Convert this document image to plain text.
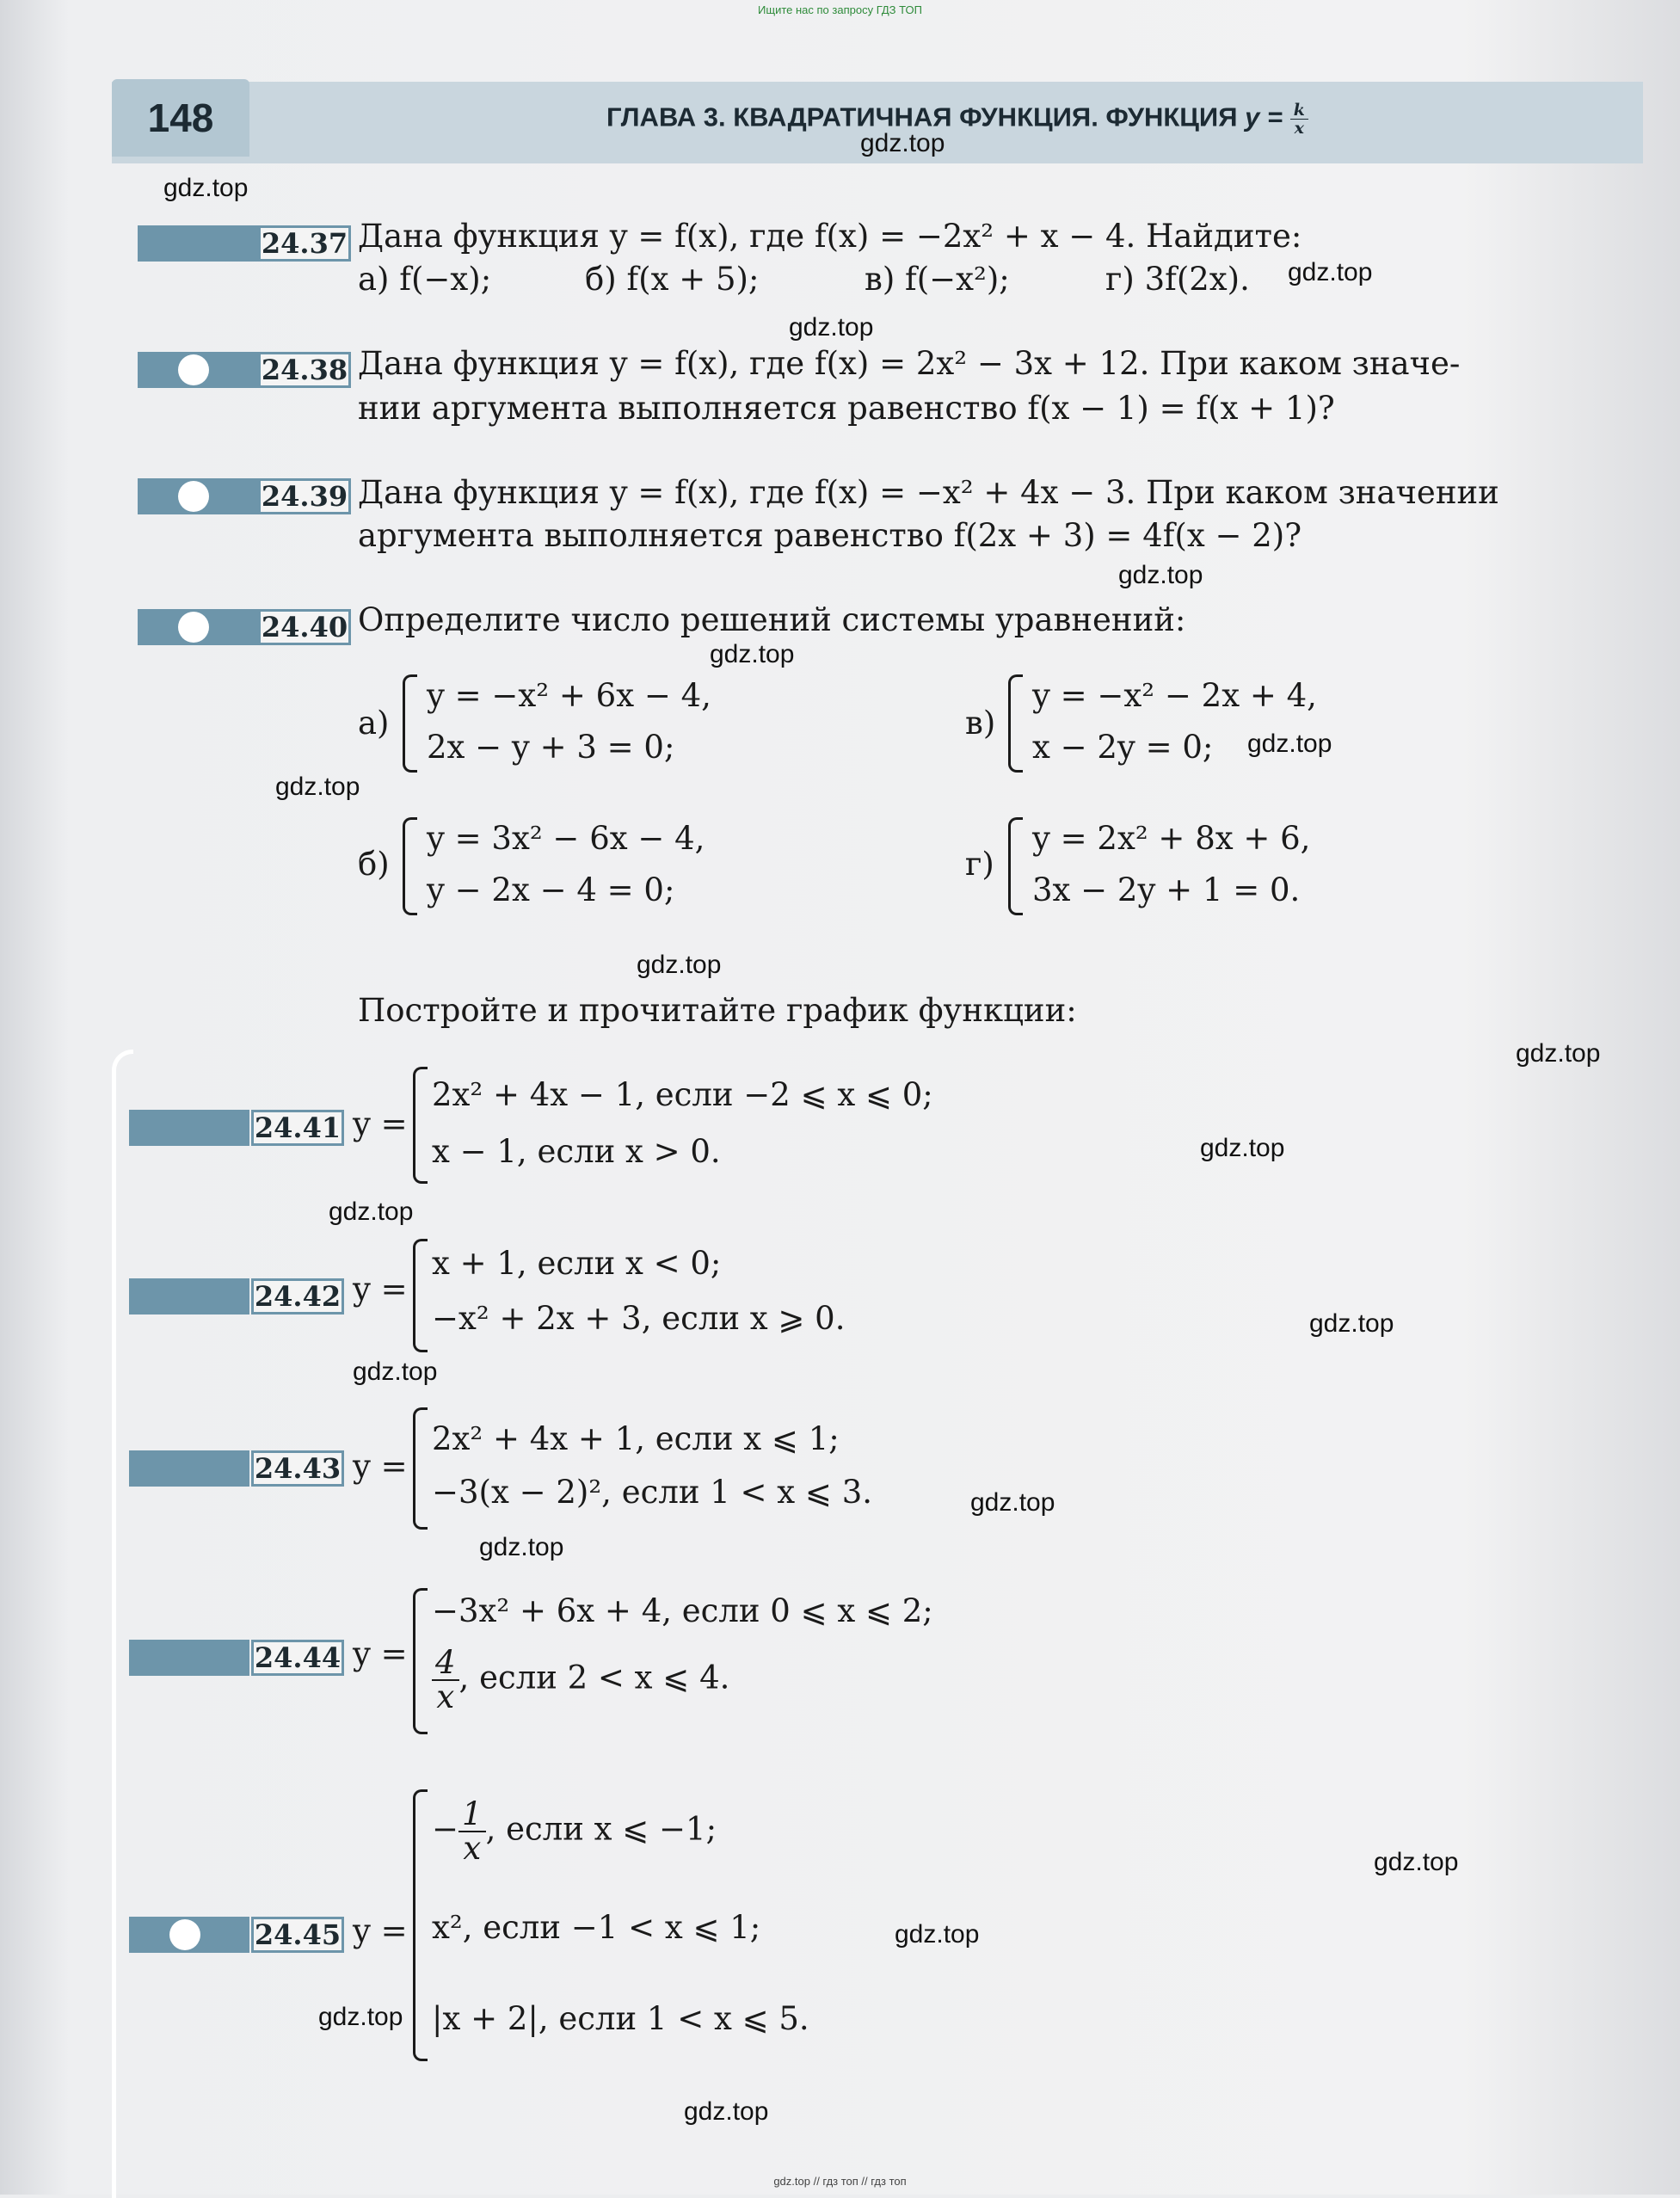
Ищите нас по запросу ГДЗ ТОП
148	ГЛАВА 3. КВАДРАТИЧНАЯ ФУНКЦИЯ. ФУНКЦИЯ $y = \frac{k}{x}$
gdz.top
gdz.top
gdz.top
gdz.top
gdz.top
gdz.top
gdz.top
gdz.top
gdz.top
gdz.top
gdz.top
gdz.top
gdz.top
gdz.top
gdz.top
gdz.top
gdz.top
gdz.top
gdz.top
gdz.top
24.37 Дана функция y = f(x), где f(x) = −2x² + x − 4. Найдите:
а) f(−x);	б) f(x + 5);	в) f(−x²);	г) 3f(2x).
24.38 Дана функция y = f(x), где f(x) = 2x² − 3x + 12. При каком значе-
нии аргумента выполняется равенство f(x − 1) = f(x + 1)?
24.39 Дана функция y = f(x), где f(x) = −x² + 4x − 3. При каком значении
аргумента выполняется равенство f(2x + 3) = 4f(x − 2)?
24.40 Определите число решений системы уравнений:
а)
y = −x² + 6x − 4,
2x − y + 3 = 0;
в)
y = −x² − 2x + 4,
x − 2y = 0;
б)
y = 3x² − 6x − 4,
y − 2x − 4 = 0;
г)
y = 2x² + 8x + 6,
3x − 2y + 1 = 0.
Постройте и прочитайте график функции:
24.41 y =
2x² + 4x − 1, если −2 ⩽ x ⩽ 0;
x − 1, если x > 0.
24.42 y =
x + 1, если x < 0;
−x² + 2x + 3, если x ⩾ 0.
24.43 y =
2x² + 4x + 1, если x ⩽ 1;
−3(x − 2)², если 1 < x ⩽ 3.
24.44 y =
−3x² + 6x + 4, если 0 ⩽ x ⩽ 2;
$\frac{4}{x}$ , если 2 < x ⩽ 4.
24.45 y =
− $\frac{1}{x}$ , если x ⩽ −1;
x², если −1 < x ⩽ 1;
|x + 2|, если 1 < x ⩽ 5.
gdz.top // гдз топ // гдз топ
